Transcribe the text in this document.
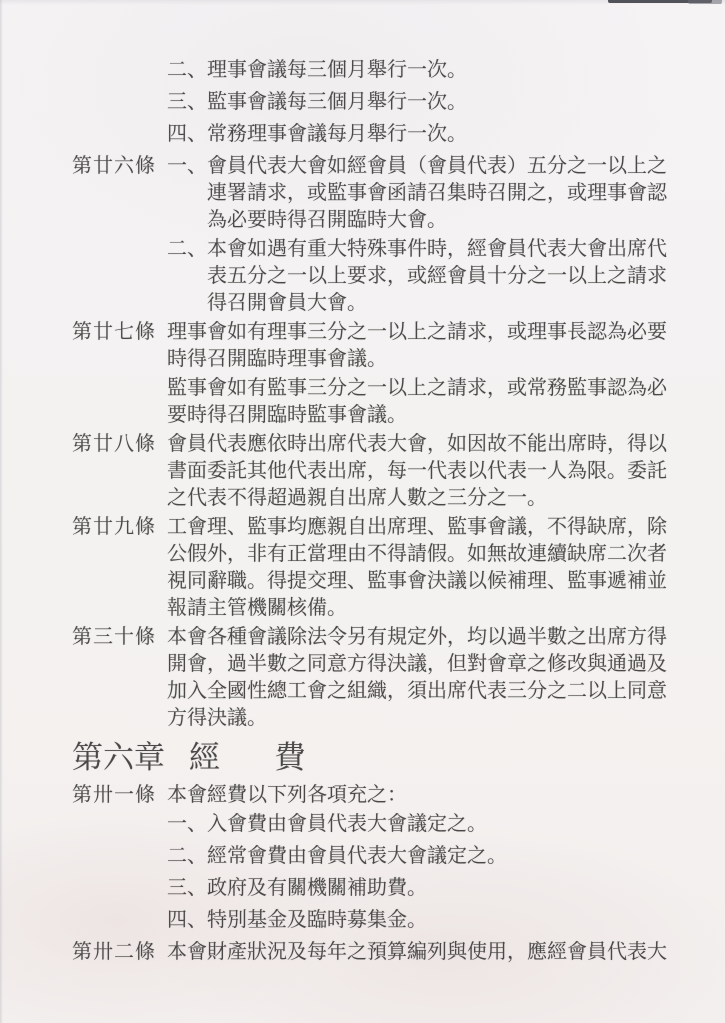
二、 理事會議每三個月舉行一次。
三、 監事會議每三個月舉行一次。
四、 常務理事會議每月舉行一次。
第廿六條 一、 會員代表大會如經會員（會員代表）五分之一以上之連署請求，或監事會函請召集時召開之，或理事會認為必要時得召開臨時大會。
二、 本會如遇有重大特殊事件時，經會員代表大會出席代表五分之一以上要求，或經會員十分之一以上之請求得召開會員大會。
第廿七條 理事會如有理事三分之一以上之請求，或理事長認為必要時得召開臨時理事會議。
監事會如有監事三分之一以上之請求，或常務監事認為必要時得召開臨時監事會議。
第廿八條 會員代表應依時出席代表大會，如因故不能出席時，得以書面委託其他代表出席，每一代表以代表一人為限。委託之代表不得超過親自出席人數之三分之一。
第廿九條 工會理、監事均應親自出席理、監事會議，不得缺席，除公假外，非有正當理由不得請假。如無故連續缺席二次者視同辭職。得提交理、監事會決議以候補理、監事遞補並報請主管機關核備。
第三十條 本會各種會議除法令另有規定外，均以過半數之出席方得開會，過半數之同意方得決議，但對會章之修改與通過及加入全國性總工會之組織，須出席代表三分之二以上同意方得決議。
第六章 經　費
第卅一條 本會經費以下列各項充之：
一、 入會費由會員代表大會議定之。
二、 經常會費由會員代表大會議定之。
三、 政府及有關機關補助費。
四、 特別基金及臨時募集金。
第卅二條 本會財產狀況及每年之預算編列與使用，應經會員代表大
